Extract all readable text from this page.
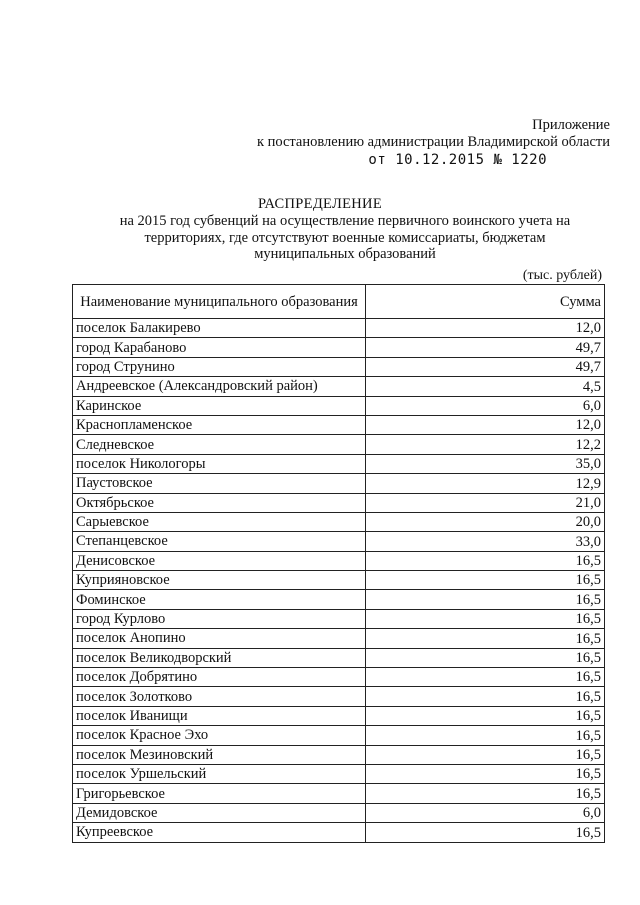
Приложение
к постановлению администрации Владимирской области
от 10.12.2015 № 1220
РАСПРЕДЕЛЕНИЕ
на 2015 год субвенций на осуществление первичного воинского учета на территориях, где отсутствуют военные комиссариаты, бюджетам муниципальных образований
(тыс. рублей)
Наименование муниципального образования	Сумма
поселок Балакирево	12,0
город Карабаново	49,7
город Струнино	49,7
Андреевское (Александровский район)	4,5
Каринское	6,0
Краснопламенское	12,0
Следневское	12,2
поселок Никологоры	35,0
Паустовское	12,9
Октябрьское	21,0
Сарыевское	20,0
Степанцевское	33,0
Денисовское	16,5
Куприяновское	16,5
Фоминское	16,5
город Курлово	16,5
поселок Анопино	16,5
поселок Великодворский	16,5
поселок Добрятино	16,5
поселок Золотково	16,5
поселок Иванищи	16,5
поселок Красное Эхо	16,5
поселок Мезиновский	16,5
поселок Уршельский	16,5
Григорьевское	16,5
Демидовское	6,0
Купреевское	16,5
